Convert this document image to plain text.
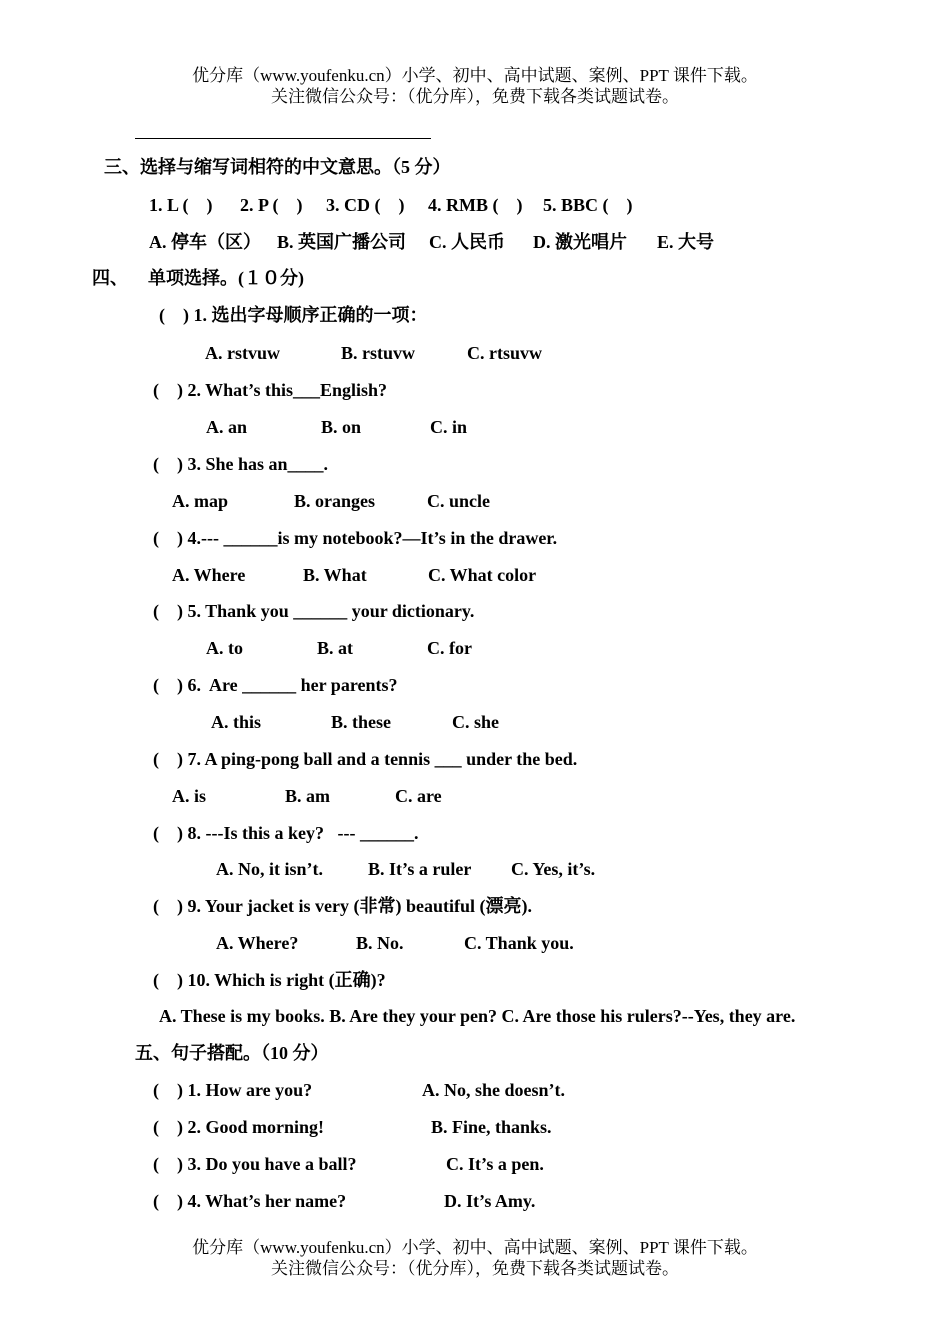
优分库（www.youfenku.cn）小学、初中、高中试题、案例、PPT 课件下载。
关注微信公众号：（优分库），免费下载各类试题试卷。
三、选择与缩写词相符的中文意思。（5 分）
1. L (    ) 2. P (    ) 3. CD (    ) 4. RMB (    ) 5. BBC (    )
A. 停车（区） B. 英国广播公司 C. 人民币 D. 激光唱片 E. 大号
四、 单项选择。(１０分)
(    ) 1. 选出字母顺序正确的一项：
A. rstvuw	B. rstuvw	C. rtsuvw
(    ) 2. What’s this___English?
A. an	B. on	C. in
(    ) 3. She has an____.
A. map	B. oranges	C. uncle
(    ) 4.--- ______is my notebook?—It’s in the drawer.
A. Where	B. What	C. What color
(    ) 5. Thank you ______ your dictionary.
A. to	B. at	C. for
(    ) 6.  Are ______ her parents?
A. this	B. these	C. she
(    ) 7. A ping-pong ball and a tennis ___ under the bed.
A. is	B. am	C. are
(    ) 8. ---Is this a key?   --- ______.
A. No, it isn’t.	B. It’s a ruler C. Yes, it’s.
(    ) 9. Your jacket is very (非常) beautiful (漂亮).
A. Where?	B. No.	C. Thank you.
(    ) 10. Which is right (正确)?
A. These is my books. B. Are they your pen? C. Are those his rulers?--Yes, they are.
五、句子搭配。（10 分）
(    ) 1. How are you?	A. No, she doesn’t.
(    ) 2. Good morning!	B. Fine, thanks.
(    ) 3. Do you have a ball?	C. It’s a pen.
(    ) 4. What’s her name?	D. It’s Amy.
优分库（www.youfenku.cn）小学、初中、高中试题、案例、PPT 课件下载。
关注微信公众号：（优分库），免费下载各类试题试卷。
